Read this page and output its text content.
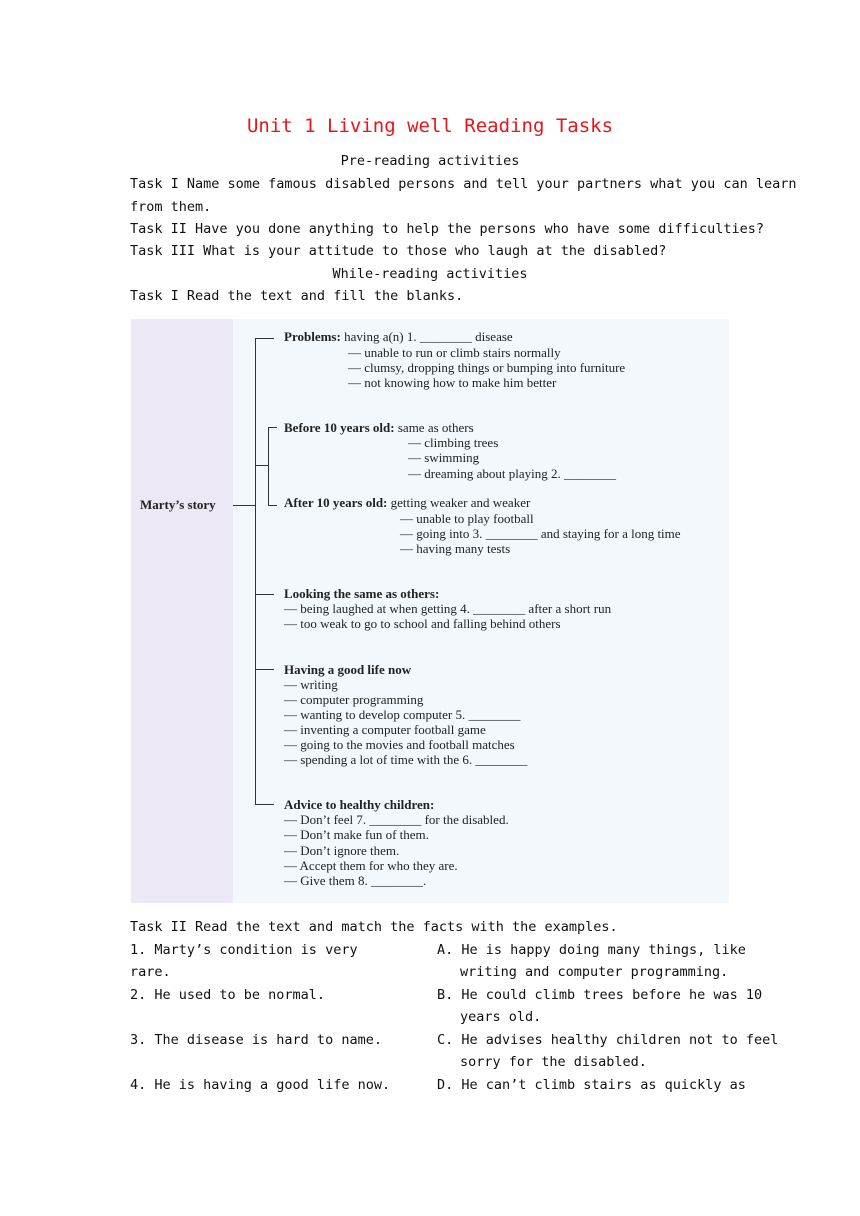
Unit 1 Living well Reading Tasks
Pre-reading activities
Task I Name some famous disabled persons and tell your partners what you can learn
from them.
Task II Have you done anything to help the persons who have some difficulties?
Task III What is your attitude to those who laugh at the disabled?
While-reading activities
Task I Read the text and fill the blanks.
Marty’s story
Problems: having a(n) 1. ________ disease
— unable to run or climb stairs normally
— clumsy, dropping things or bumping into furniture
— not knowing how to make him better
Before 10 years old: same as others
— climbing trees
— swimming
— dreaming about playing 2. ________
After 10 years old: getting weaker and weaker
— unable to play football
— going into 3. ________ and staying for a long time
— having many tests
Looking the same as others:
— being laughed at when getting 4. ________ after a short run
— too weak to go to school and falling behind others
Having a good life now
— writing
— computer programming
— wanting to develop computer 5. ________
— inventing a computer football game
— going to the movies and football matches
— spending a lot of time with the 6. ________
Advice to healthy children:
— Don’t feel 7. ________ for the disabled.
— Don’t make fun of them.
— Don’t ignore them.
— Accept them for who they are.
— Give them 8. ________.
Task II Read the text and match the facts with the examples.
1. Marty’s condition is very
rare.
2. He used to be normal.
3. The disease is hard to name.
4. He is having a good life now.
A. He is happy doing many things, like
writing and computer programming.
B. He could climb trees before he was 10
years old.
C. He advises healthy children not to feel
sorry for the disabled.
D. He can’t climb stairs as quickly as
